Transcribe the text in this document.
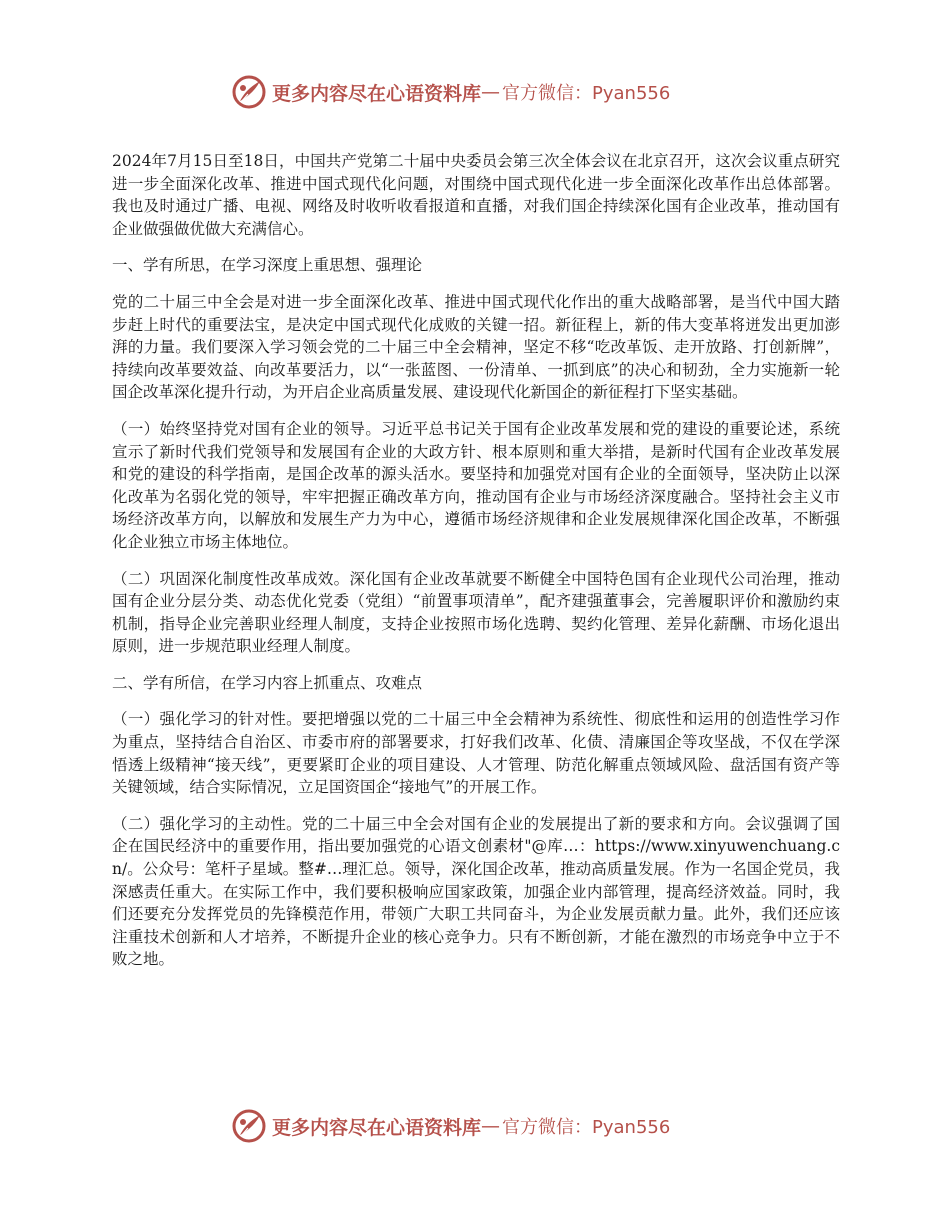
更多内容尽在心语资料库 — 官方微信：Pyan556

2024年7月15日至18日，中国共产党第二十届中央委员会第三次全体会议在北京召开，这次会议重点研究进一步全面深化改革、推进中国式现代化问题，对围绕中国式现代化进一步全面深化改革作出总体部署。我也及时通过广播、电视、网络及时收听收看报道和直播，对我们国企持续深化国有企业改革，推动国有企业做强做优做大充满信心。

一、学有所思，在学习深度上重思想、强理论

党的二十届三中全会是对进一步全面深化改革、推进中国式现代化作出的重大战略部署，是当代中国大踏步赶上时代的重要法宝，是决定中国式现代化成败的关键一招。新征程上，新的伟大变革将迸发出更加澎湃的力量。我们要深入学习领会党的二十届三中全会精神，坚定不移“吃改革饭、走开放路、打创新牌”，持续向改革要效益、向改革要活力，以“一张蓝图、一份清单、一抓到底”的决心和韧劲，全力实施新一轮国企改革深化提升行动，为开启企业高质量发展、建设现代化新国企的新征程打下坚实基础。

（一）始终坚持党对国有企业的领导。习近平总书记关于国有企业改革发展和党的建设的重要论述，系统宣示了新时代我们党领导和发展国有企业的大政方针、根本原则和重大举措，是新时代国有企业改革发展和党的建设的科学指南，是国企改革的源头活水。要坚持和加强党对国有企业的全面领导，坚决防止以深化改革为名弱化党的领导，牢牢把握正确改革方向，推动国有企业与市场经济深度融合。坚持社会主义市场经济改革方向，以解放和发展生产力为中心，遵循市场经济规律和企业发展规律深化国企改革，不断强化企业独立市场主体地位。

（二）巩固深化制度性改革成效。深化国有企业改革就要不断健全中国特色国有企业现代公司治理，推动国有企业分层分类、动态优化党委（党组）“前置事项清单”，配齐建强董事会，完善履职评价和激励约束机制，指导企业完善职业经理人制度，支持企业按照市场化选聘、契约化管理、差异化薪酬、市场化退出原则，进一步规范职业经理人制度。

二、学有所信，在学习内容上抓重点、攻难点

（一）强化学习的针对性。要把增强以党的二十届三中全会精神为系统性、彻底性和运用的创造性学习作为重点，坚持结合自治区、市委市府的部署要求，打好我们改革、化债、清廉国企等攻坚战，不仅在学深悟透上级精神“接天线”，更要紧盯企业的项目建设、人才管理、防范化解重点领域风险、盘活国有资产等关键领域，结合实际情况，立足国资国企“接地气”的开展工作。

（二）强化学习的主动性。党的二十届三中全会对国有企业的发展提出了新的要求和方向。会议强调了国企在国民经济中的重要作用，指出要加强党的心语文创素材"@库…：https://www.xinyuwenchuang.cn/。公众号：笔杆子星域。整#…理汇总。领导，深化国企改革，推动高质量发展。作为一名国企党员，我深感责任重大。在实际工作中，我们要积极响应国家政策，加强企业内部管理，提高经济效益。同时，我们还要充分发挥党员的先锋模范作用，带领广大职工共同奋斗，为企业发展贡献力量。此外，我们还应该注重技术创新和人才培养，不断提升企业的核心竞争力。只有不断创新，才能在激烈的市场竞争中立于不败之地。

更多内容尽在心语资料库 — 官方微信：Pyan556
